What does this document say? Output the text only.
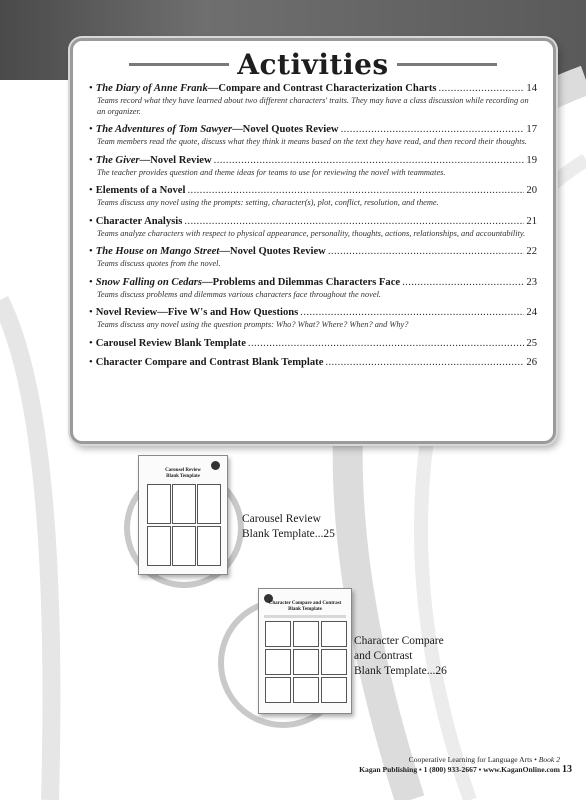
Activities
• The Diary of Anne Frank —Compare and Contrast Characterization Charts .....	14
Teams record what they have learned about two different characters' traits. They may have a class discussion while recording on an organizer.
• The Adventures of Tom Sawyer —Novel Quotes Review .....	17
Team members read the quote, discuss what they think it means based on the text they have read, and then record their thoughts.
• The Giver —Novel Review .....	19
The teacher provides question and theme ideas for teams to use for reviewing the novel with teammates.
• Elements of a Novel .....	20
Teams discuss any novel using the prompts: setting, character(s), plot, conflict, resolution, and theme.
• Character Analysis .....	21
Teams analyze characters with respect to physical appearance, personality, thoughts, actions, relationships, and accountability.
• The House on Mango Street —Novel Quotes Review .....	22
Teams discuss quotes from the novel.
• Snow Falling on Cedars —Problems and Dilemmas Characters Face .....	23
Teams discuss problems and dilemmas various characters face throughout the novel.
• Novel Review—Five W's and How Questions .....	24
Teams discuss any novel using the question prompts: Who? What? Where? When? and Why?
• Carousel Review Blank Template .....	25
• Character Compare and Contrast Blank Template .....	26
Carousel Review
Blank Template
Carousel Review
Blank Template...25
Character Compare and Contrast
Blank Template
Character Compare
and Contrast
Blank Template...26
Cooperative Learning for Language Arts • Book 2
Kagan Publishing • 1 (800) 933-2667 • www.KaganOnline.com 13
